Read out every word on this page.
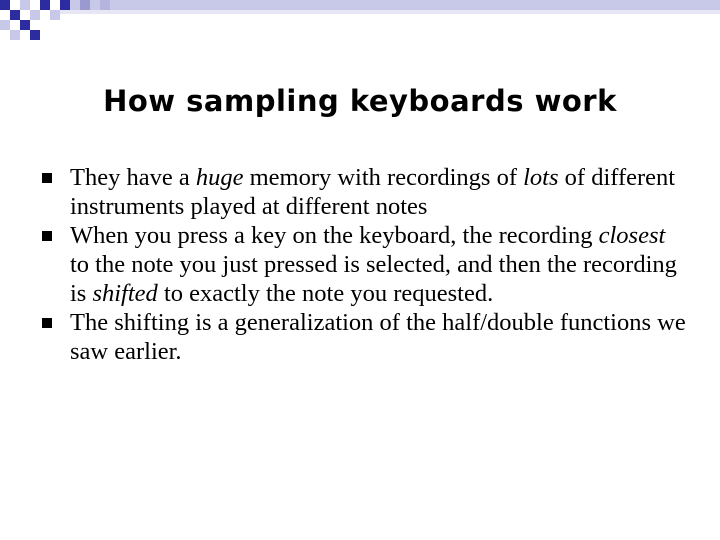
How sampling keyboards work
They have a huge memory with recordings of lots of different instruments played at different notes
When you press a key on the keyboard, the recording closest to the note you just pressed is selected, and then the recording is shifted to exactly the note you requested.
The shifting is a generalization of the half/double functions we saw earlier.
